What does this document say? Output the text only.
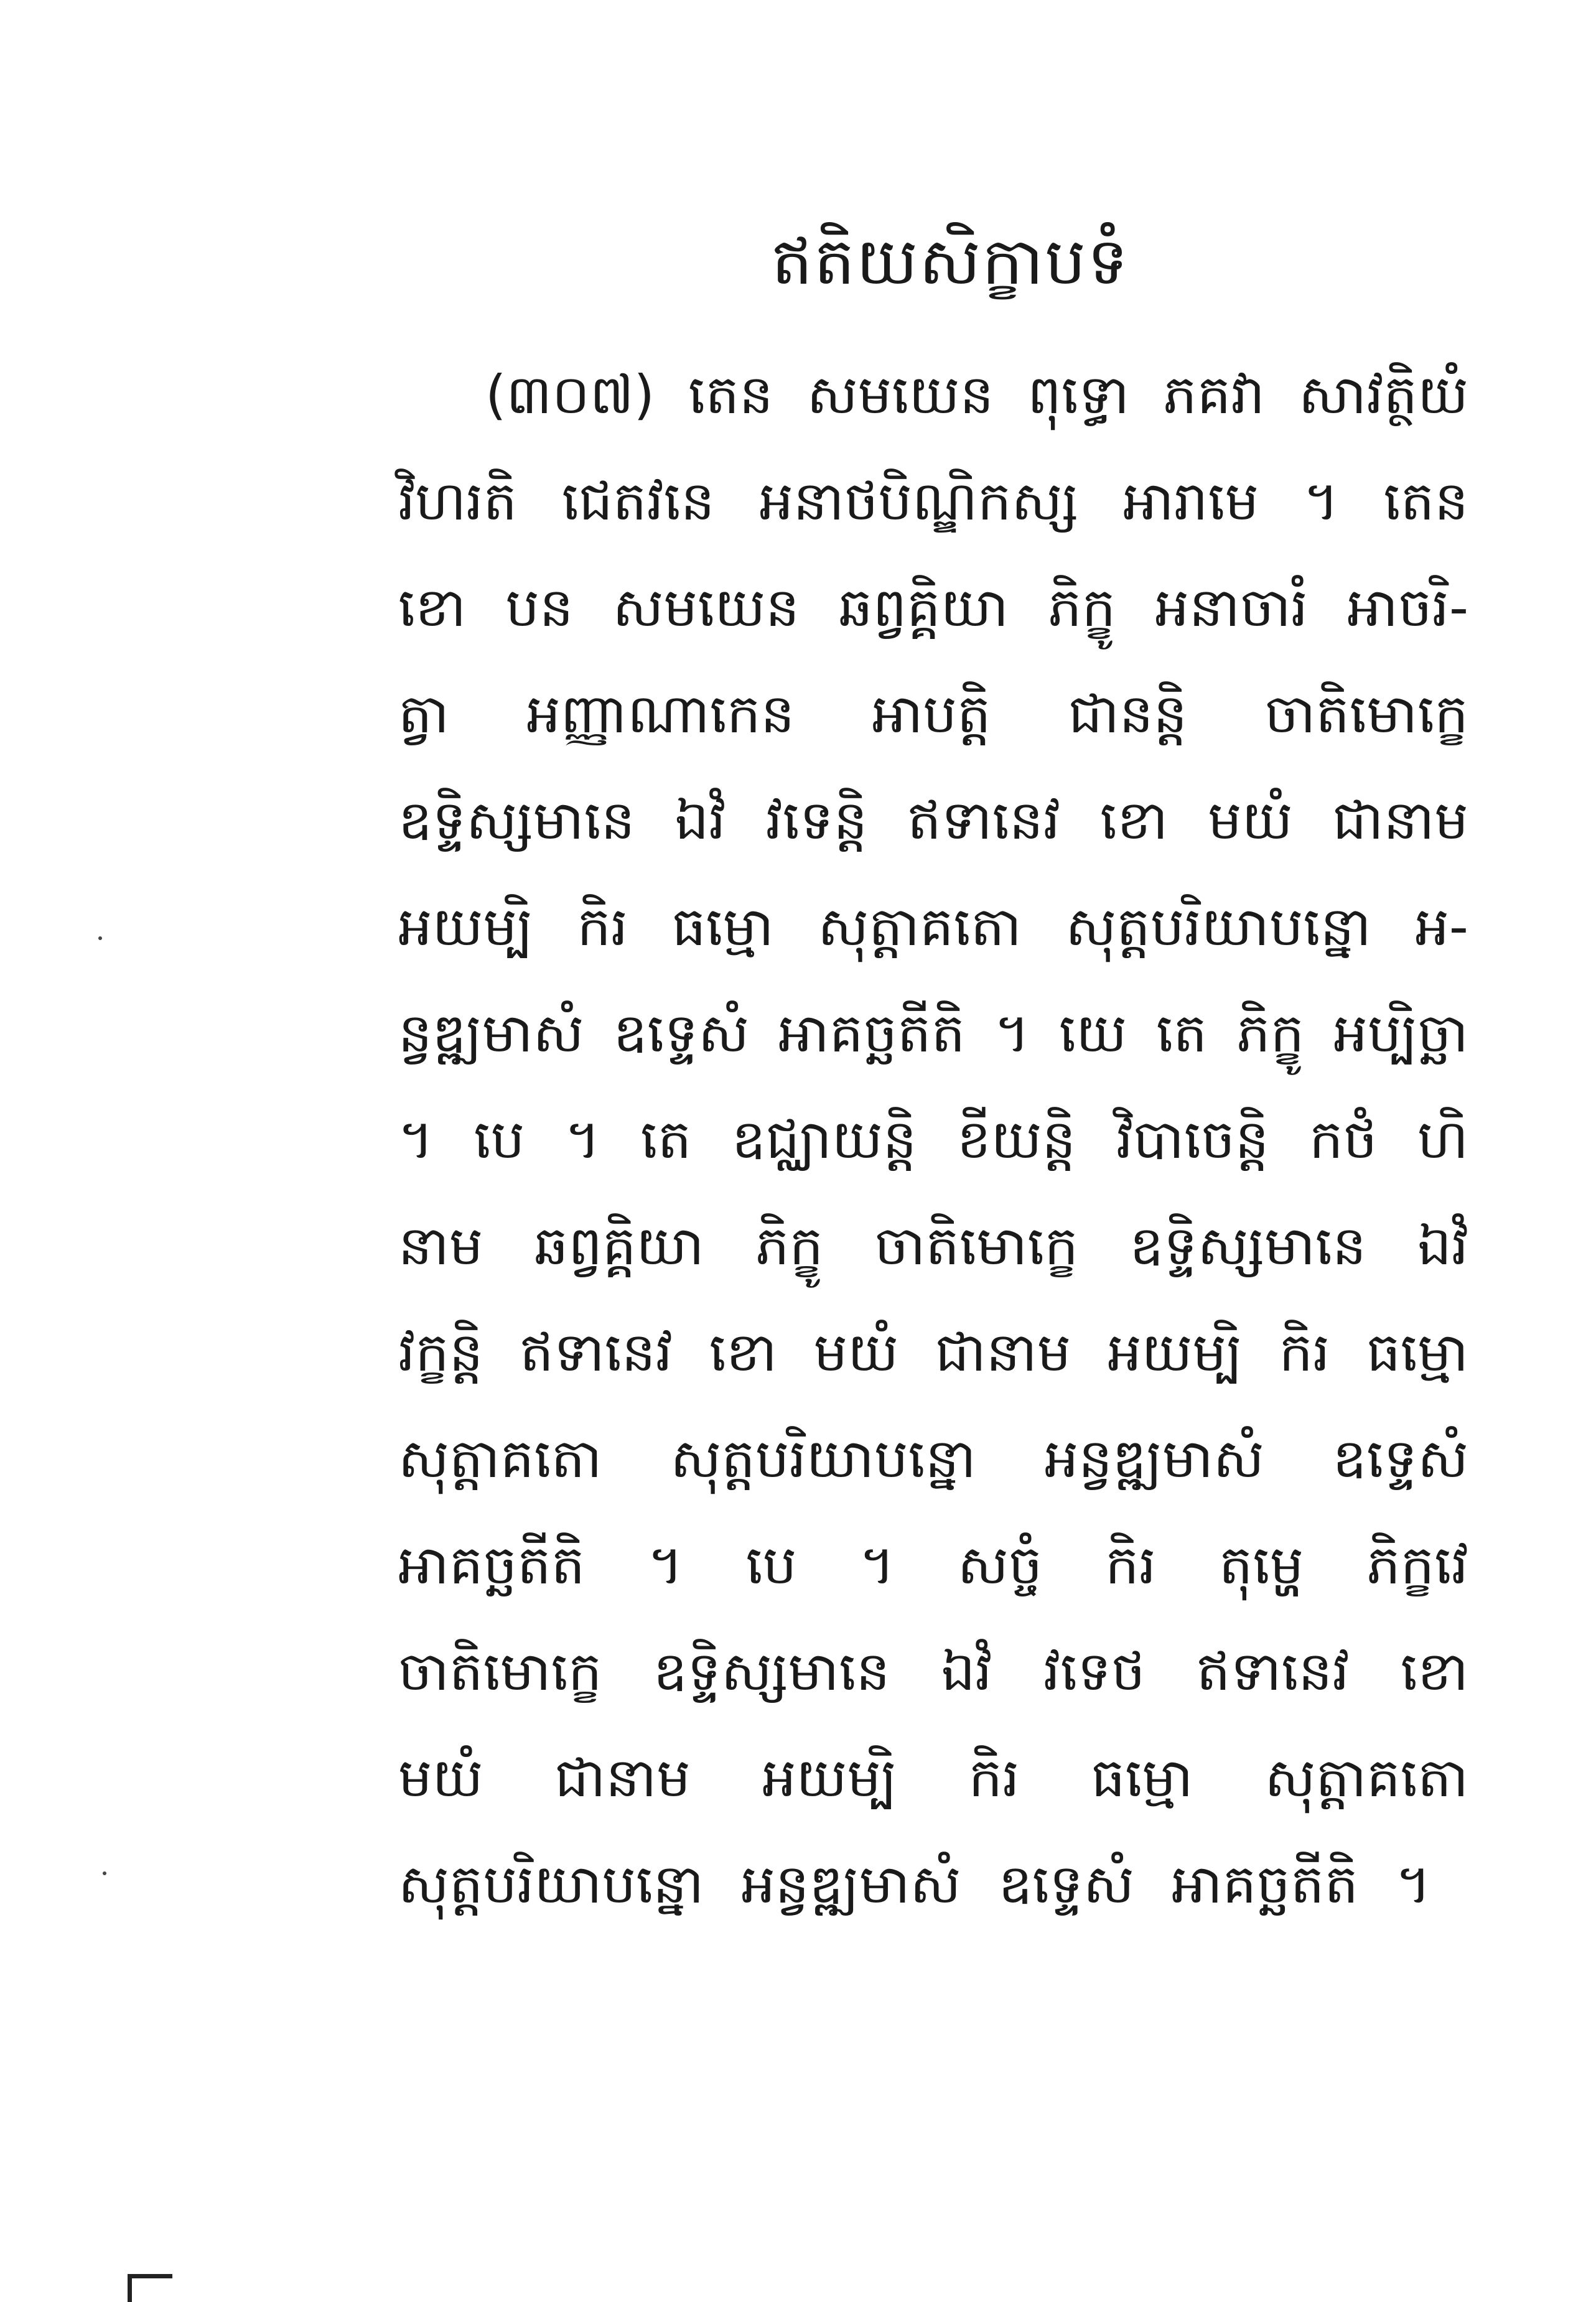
ឥតិយសិក្ខាបទំ
(៣០៧) តេន សមយេន ពុទ្ធោ ភគវា សាវត្ថិយំ
វិហរតិ ជេតវនេ អនាថបិណ្ឌិកស្ស អារាមេ ។ តេន
ខោ បន សមយេន ឆព្វគ្គិយា ភិក្ខូ អនាចារំ អាចរិ-
ត្វា អញ្ញាណាកេន អាបត្តិ ជានន្តិ ចាតិមោក្ខេ
ឧទ្ទិស្សមានេ ឯវំ វទេន្តិ ឥទានេវ ខោ មយំ ជានាម
អយម្បិ កិរ ធម្មោ សុត្តាគតោ សុត្តបរិយាបន្នោ អ-
ន្វឌ្ឍមាសំ ឧទ្ទេសំ អាគច្ឆតីតិ ។ យេ តេ ភិក្ខូ អប្បិច្ឆា
។ បេ ។ តេ ឧជ្ឈាយន្តិ ខីយន្តិ វិបាចេន្តិ កថំ ហិ
នាម ឆព្វគ្គិយា ភិក្ខូ ចាតិមោក្ខេ ឧទ្ទិស្សមានេ ឯវំ
វក្ខន្តិ ឥទានេវ ខោ មយំ ជានាម អយម្បិ កិរ ធម្មោ
សុត្តាគតោ សុត្តបរិយាបន្នោ អន្វឌ្ឍមាសំ ឧទ្ទេសំ
អាគច្ឆតីតិ ។ បេ ។ សច្ចំ កិរ តុម្ហេ ភិក្ខវេ
ចាតិមោក្ខេ ឧទ្ទិស្សមានេ ឯវំ វទេថ ឥទានេវ ខោ
មយំ ជានាម អយម្បិ កិរ ធម្មោ សុត្តាគតោ
សុត្តបរិយាបន្នោ អន្វឌ្ឍមាសំ ឧទ្ទេសំ អាគច្ឆតីតិ ។
